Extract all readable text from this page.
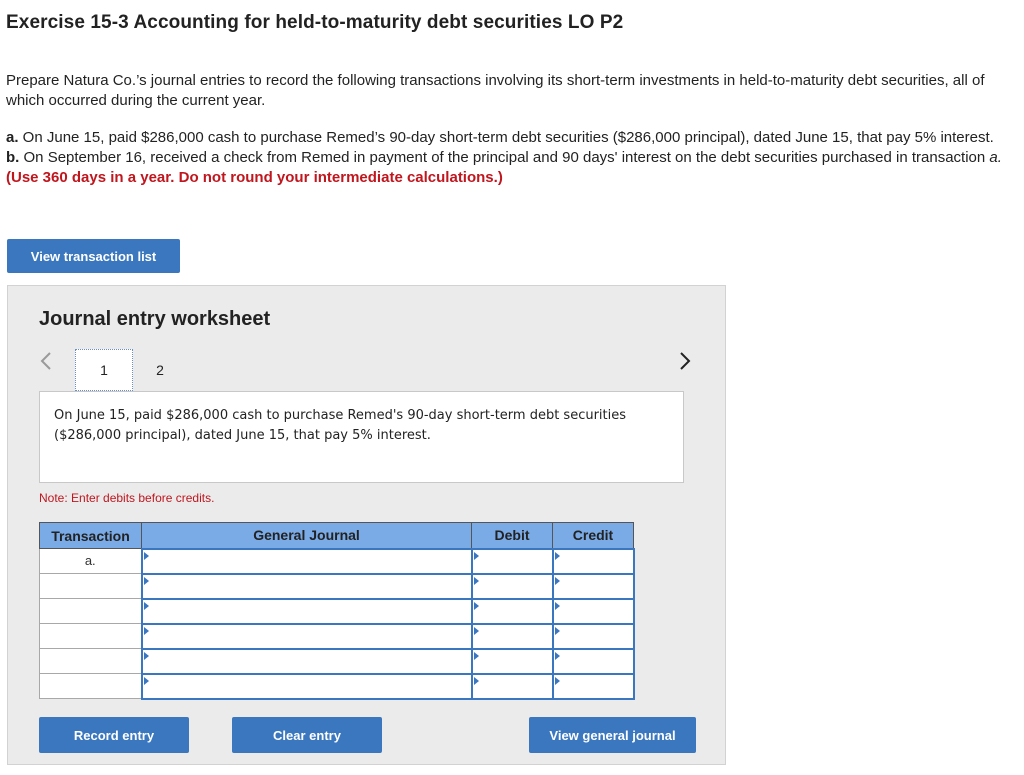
Exercise 15-3 Accounting for held-to-maturity debt securities LO P2
Prepare Natura Co.’s journal entries to record the following transactions involving its short-term investments in held-to-maturity debt securities, all of which occurred during the current year.
a. On June 15, paid $286,000 cash to purchase Remed’s 90-day short-term debt securities ($286,000 principal), dated June 15, that pay 5% interest.
b. On September 16, received a check from Remed in payment of the principal and 90 days' interest on the debt securities purchased in transaction a. (Use 360 days in a year. Do not round your intermediate calculations.)
View transaction list
Journal entry worksheet
1	2
On June 15, paid $286,000 cash to purchase Remed's 90-day short-term debt securities ($286,000 principal), dated June 15, that pay 5% interest.
Note: Enter debits before credits.
Transaction	General Journal	Debit	Credit
a.	

Record entry	Clear entry	View general journal
